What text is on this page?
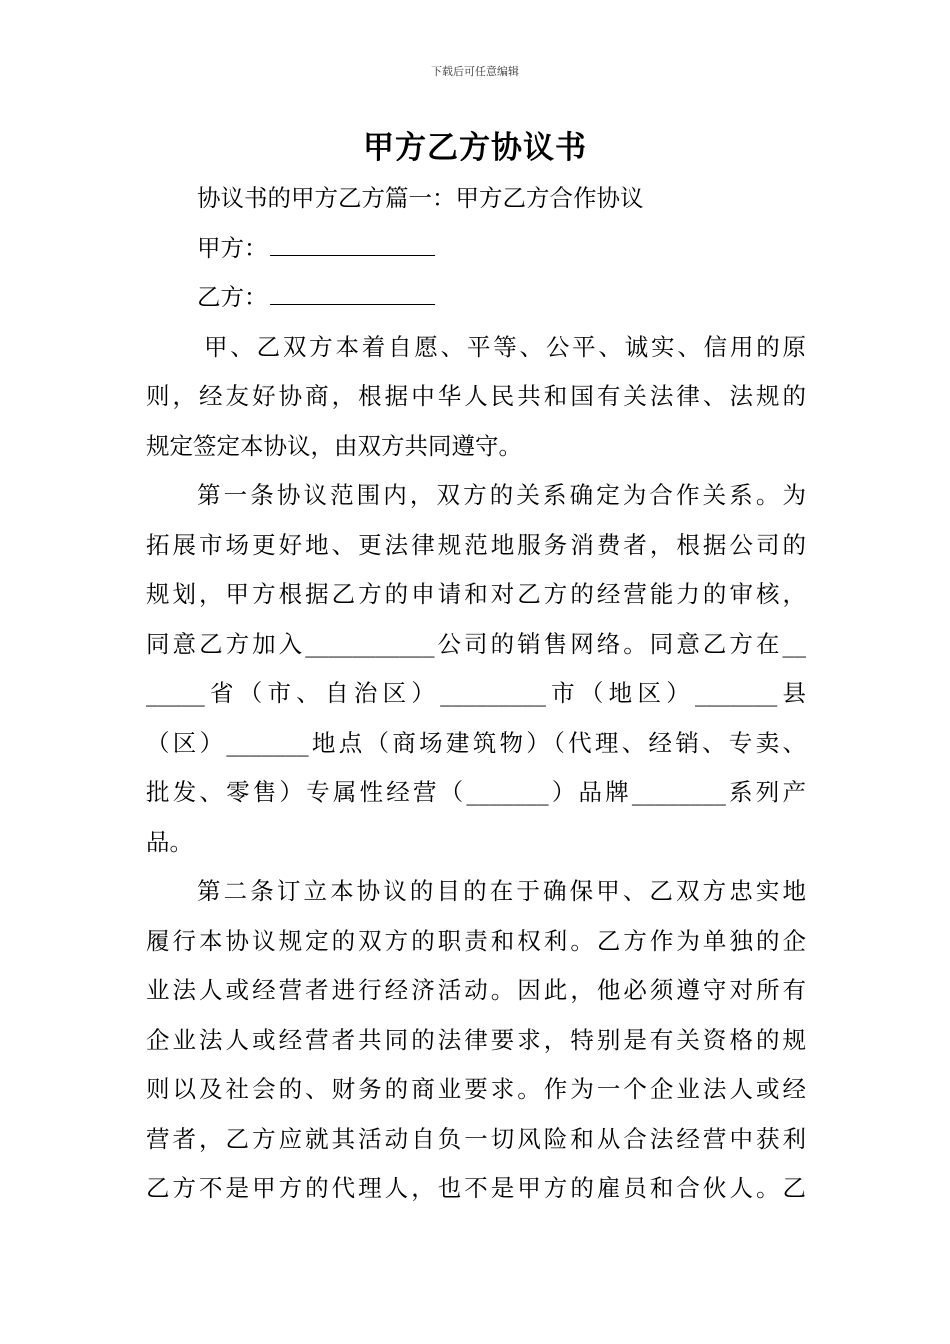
下载后可任意编辑
甲方乙方协议书
协议书的甲方乙方篇一：甲方乙方合作协议
甲方：
乙方：
甲、乙双方本着自愿、平等、公平、诚实、信用的原
则，经友好协商，根据中华人民共和国有关法律、法规的
规定签定本协议，由双方共同遵守。
第一条协议范围内，双方的关系确定为合作关系。为
拓展市场更好地、更法律规范地服务消费者，根据公司的
规划，甲方根据乙方的申请和对乙方的经营能力的审核，
同意乙方加入___________公司的销售网络。同意乙方在__
_____省（市、自治区）_________市（地区）_______县
（区）_______地点（商场建筑物）（代理、经销、专卖、
批发、零售）专属性经营（_______）品牌________系列产
品。
第二条订立本协议的目的在于确保甲、乙双方忠实地
履行本协议规定的双方的职责和权利。乙方作为单独的企
业法人或经营者进行经济活动。因此，他必须遵守对所有
企业法人或经营者共同的法律要求，特别是有关资格的规
则以及社会的、财务的商业要求。作为一个企业法人或经
营者，乙方应就其活动自负一切风险和从合法经营中获利
乙方不是甲方的代理人，也不是甲方的雇员和合伙人。乙
